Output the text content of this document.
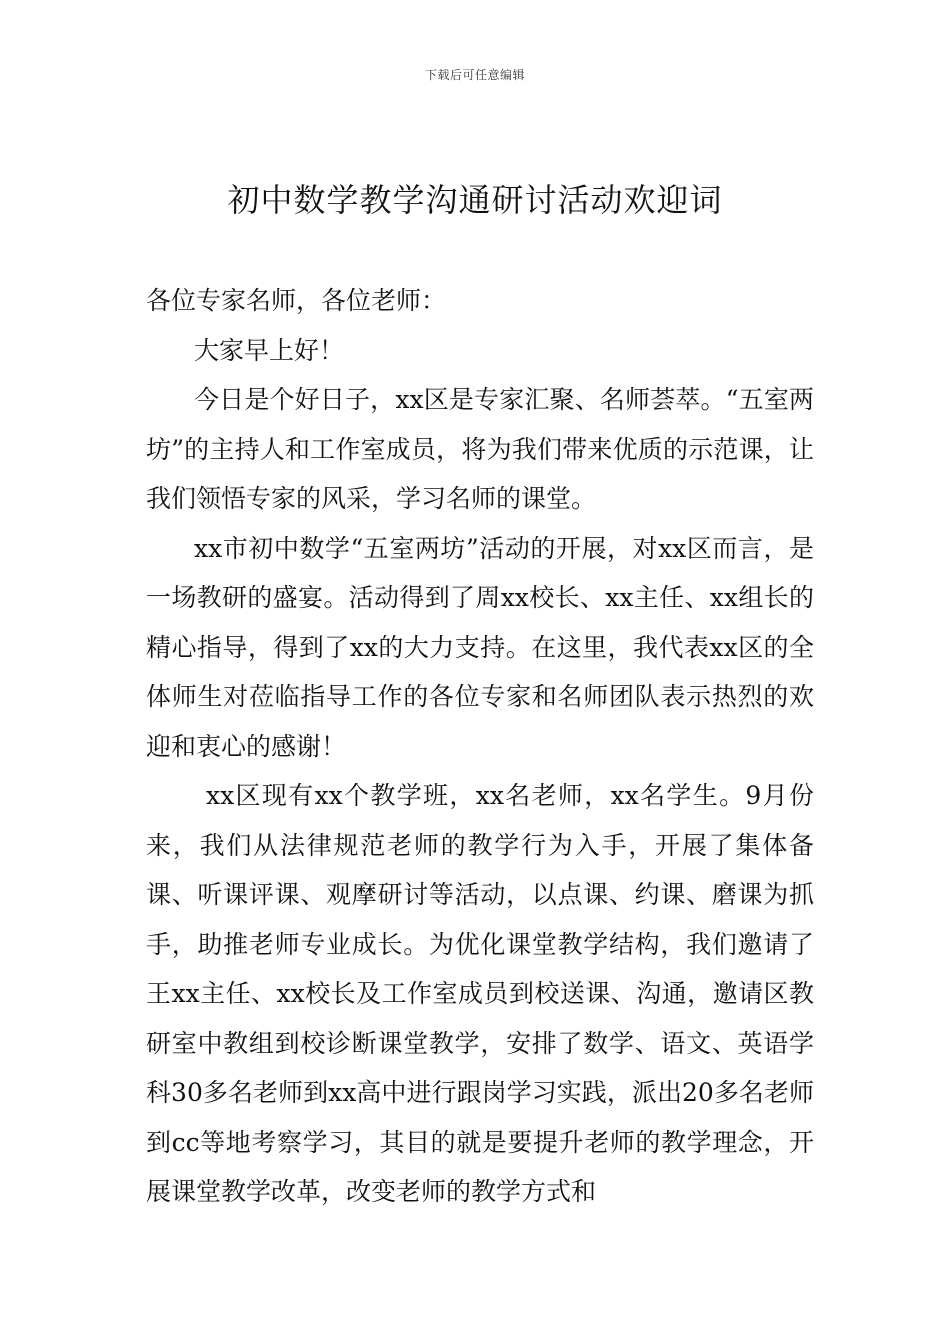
下载后可任意编辑
初中数学教学沟通研讨活动欢迎词

各位专家名师，各位老师：

大家早上好！

今日是个好日子，xx区是专家汇聚、名师荟萃。“五室两坊”的主持人和工作室成员，将为我们带来优质的示范课，让我们领悟专家的风采，学习名师的课堂。

xx市初中数学“五室两坊”活动的开展，对xx区而言，是一场教研的盛宴。活动得到了周xx校长、xx主任、xx组长的精心指导，得到了xx的大力支持。在这里，我代表xx区的全体师生对莅临指导工作的各位专家和名师团队表示热烈的欢迎和衷心的感谢！

xx区现有xx个教学班，xx名老师，xx名学生。9月份来，我们从法律规范老师的教学行为入手，开展了集体备课、听课评课、观摩研讨等活动，以点课、约课、磨课为抓手，助推老师专业成长。为优化课堂教学结构，我们邀请了王xx主任、xx校长及工作室成员到校送课、沟通，邀请区教研室中教组到校诊断课堂教学，安排了数学、语文、英语学科30多名老师到xx高中进行跟岗学习实践，派出20多名老师到cc等地考察学习，其目的就是要提升老师的教学理念，开展课堂教学改革，改变老师的教学方式和
